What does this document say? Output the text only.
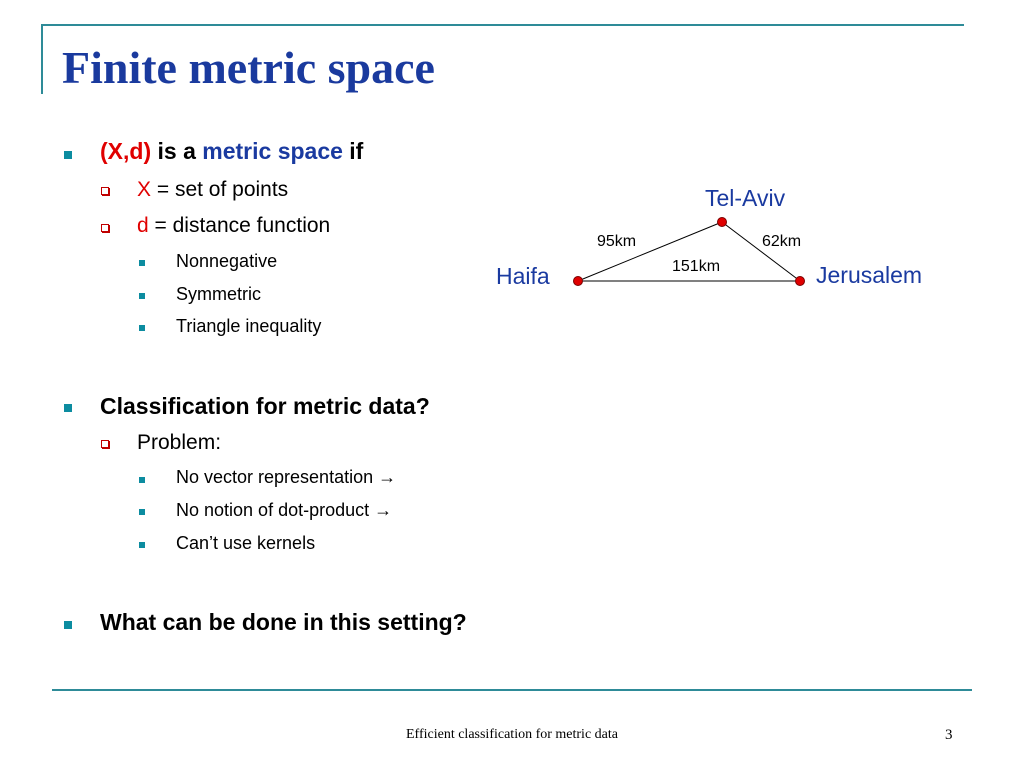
Finite metric space
(X,d) is a metric space if
X = set of points
d = distance function
Nonnegative
Symmetric
Triangle inequality
Classification for metric data?
Problem:
No vector representation →
No notion of dot-product →
Can’t use kernels
What can be done in this setting?
Tel-Aviv
Haifa	Jerusalem
95km	62km
151km
Efficient classification for metric data	3
